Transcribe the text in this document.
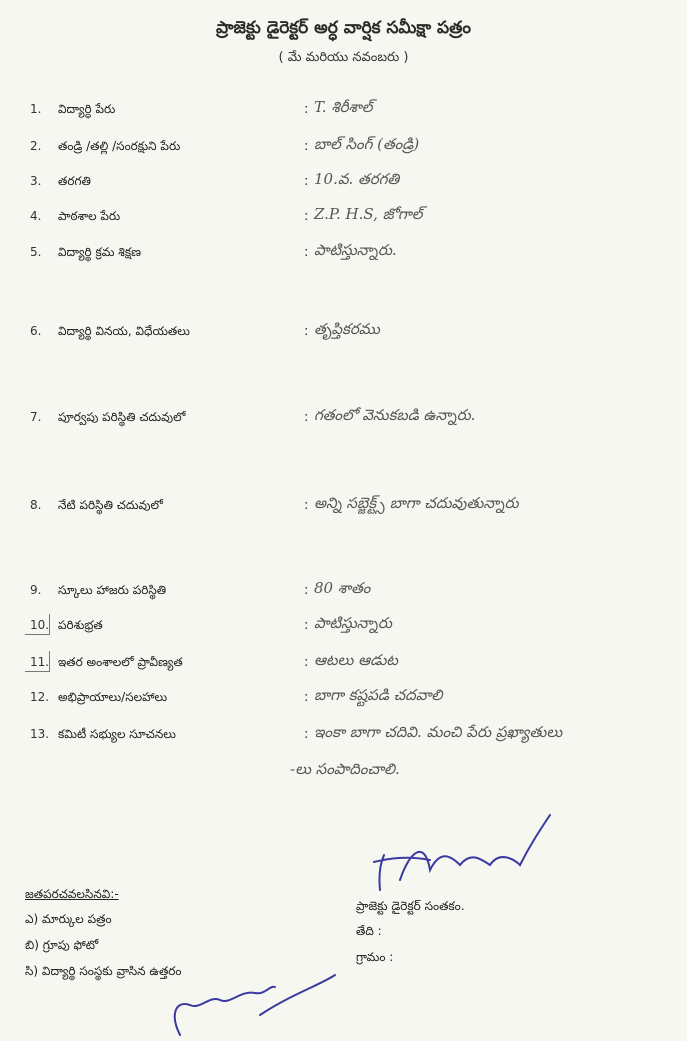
ప్రాజెక్టు డైరెక్టర్ అర్ధ వార్షిక సమీక్షా పత్రం
( మే మరియు నవంబరు )
1. విద్యార్ధి పేరు	: T. శిరీశాల్
2. తండ్రి /తల్లి /సంరక్షుని పేరు	: బాల్ సింగ్ (తండ్రి)
3. తరగతి	: 10.వ. తరగతి
4. పాఠశాల పేరు	: Z.P. H.S, జోగాల్
5. విద్యార్థి క్రమ శిక్షణ	: పాటిస్తున్నారు.
6. విద్యార్థి వినయ, విధేయతలు	: తృప్తికరము
7. పూర్వపు పరిస్థితి చదువులో	: గతంలో వెనుకబడి ఉన్నారు.
8. నేటి పరిస్థితి చదువులో	: అన్ని సబ్జెక్ట్స్ బాగా చదువుతున్నారు
9. స్కూలు హాజరు పరిస్థితి	: 80 శాతం
10. పరిశుభ్రత	: పాటిస్తున్నారు
11. ఇతర అంశాలలో ప్రావీణ్యత	: ఆటలు ఆడుట
12. అభిప్రాయాలు/సలహాలు	: బాగా కష్టపడి చదవాలి
13. కమిటీ సభ్యుల సూచనలు	: ఇంకా బాగా చదివి. మంచి పేరు ప్రఖ్యాతులు
-లు సంపాదించాలి.
జతపరచవలసినవి:-
ఎ) మార్కుల పత్రం
బి) గ్రూపు ఫోటో
సి) విద్యార్థి సంస్థకు వ్రాసిన ఉత్తరం
ప్రాజెక్టు డైరెక్టర్ సంతకం.
తేది :
గ్రామం :
